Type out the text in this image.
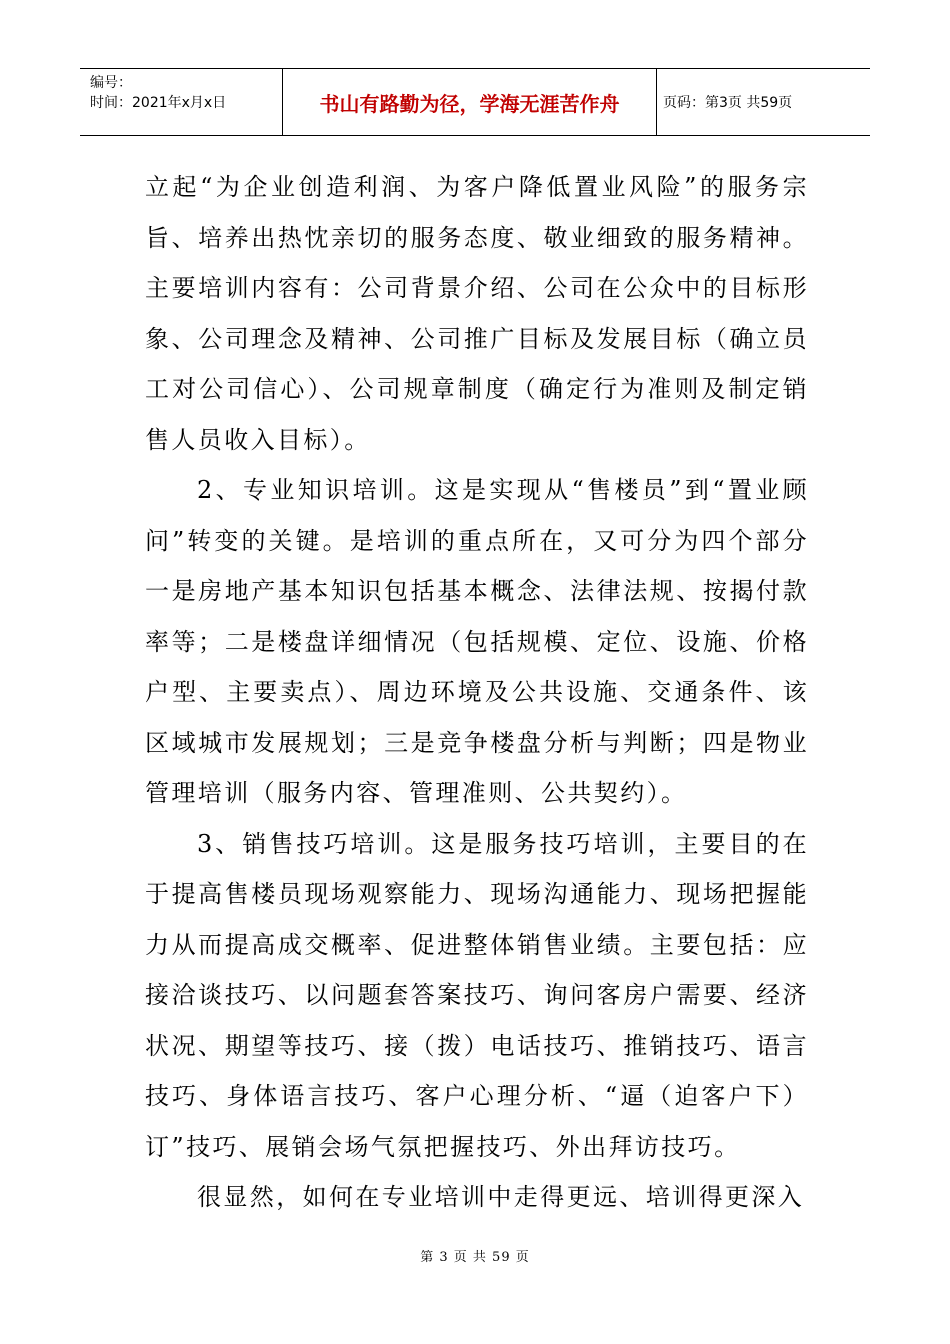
编号：
时间：2021年x月x日	书山有路勤为径，学海无涯苦作舟	页码：第3页 共59页

立起“为企业创造利润、为客户降低置业风险”的服务宗旨、培养出热忱亲切的服务态度、敬业细致的服务精神。主要培训内容有：公司背景介绍、公司在公众中的目标形象、公司理念及精神、公司推广目标及发展目标（确立员工对公司信心）、公司规章制度（确定行为准则及制定销售人员收入目标）。

2、专业知识培训。这是实现从“售楼员”到“置业顾问”转变的关键。是培训的重点所在，又可分为四个部分一是房地产基本知识包括基本概念、法律法规、按揭付款率等；二是楼盘详细情况（包括规模、定位、设施、价格户型、主要卖点）、周边环境及公共设施、交通条件、该区域城市发展规划；三是竞争楼盘分析与判断；四是物业管理培训（服务内容、管理准则、公共契约）。

3、销售技巧培训。这是服务技巧培训，主要目的在于提高售楼员现场观察能力、现场沟通能力、现场把握能力从而提高成交概率、促进整体销售业绩。主要包括：应接洽谈技巧、以问题套答案技巧、询问客房户需要、经济状况、期望等技巧、接（拨）电话技巧、推销技巧、语言技巧、身体语言技巧、客户心理分析、“逼（迫客户下）订”技巧、展销会场气氛把握技巧、外出拜访技巧。

很显然，如何在专业培训中走得更远、培训得更深入

第 3 页 共 59 页
